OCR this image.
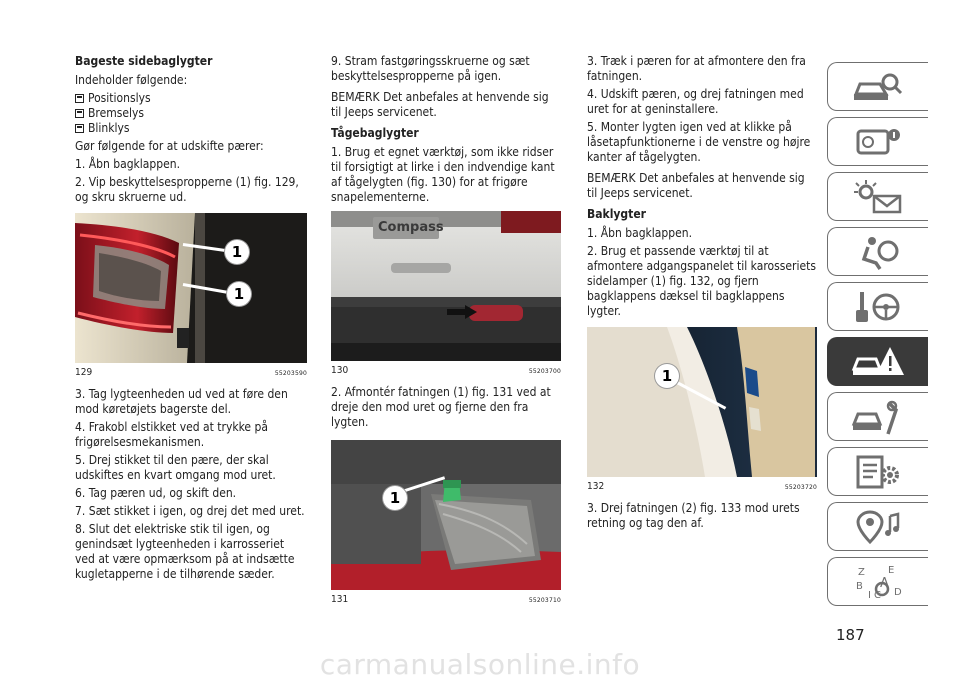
Bageste sidebaglygter
Indeholder følgende:
Positionslys
Bremselys
Blinklys
Gør følgende for at udskifte pærer:
1. Åbn bagklappen.
2. Vip beskyttelsespropperne (1) fig. 129, og skru skruerne ud.
1
1
129	55203590
3. Tag lygteenheden ud ved at føre den mod køretøjets bagerste del.
4. Frakobl elstikket ved at trykke på frigørelsesmekanismen.
5. Drej stikket til den pære, der skal udskiftes en kvart omgang mod uret.
6. Tag pæren ud, og skift den.
7. Sæt stikket i igen, og drej det med uret.
8. Slut det elektriske stik til igen, og genindsæt lygteenheden i karrosseriet ved at være opmærksom på at indsætte kugletapperne i de tilhørende sæder.
9. Stram fastgøringsskruerne og sæt beskyttelsespropperne på igen.
BEMÆRK Det anbefales at henvende sig til Jeeps servicenet.
Tågebaglygter
1. Brug et egnet værktøj, som ikke ridser til forsigtigt at lirke i den indvendige kant af tågelygten (fig. 130) for at frigøre snapelementerne.
Compass
130	55203700
2. Afmontér fatningen (1) fig. 131 ved at dreje den mod uret og fjerne den fra lygten.
1
131	55203710
3. Træk i pæren for at afmontere den fra fatningen.
4. Udskift pæren, og drej fatningen med uret for at geninstallere.
5. Monter lygten igen ved at klikke på låsetapfunktionerne i de venstre og højre kanter af tågelygten.
BEMÆRK Det anbefales at henvende sig til Jeeps servicenet.
Baklygter
1. Åbn bagklappen.
2. Brug et passende værktøj til at afmontere adgangspanelet til karosseriets sidelamper (1) fig. 132, og fjern bagklappens dæksel til bagklappens lygter.
1
132	55203720
3. Drej fatningen (2) fig. 133 mod urets retning og tag den af.
Z E
B A
I C D
187
carmanualsonline.info
